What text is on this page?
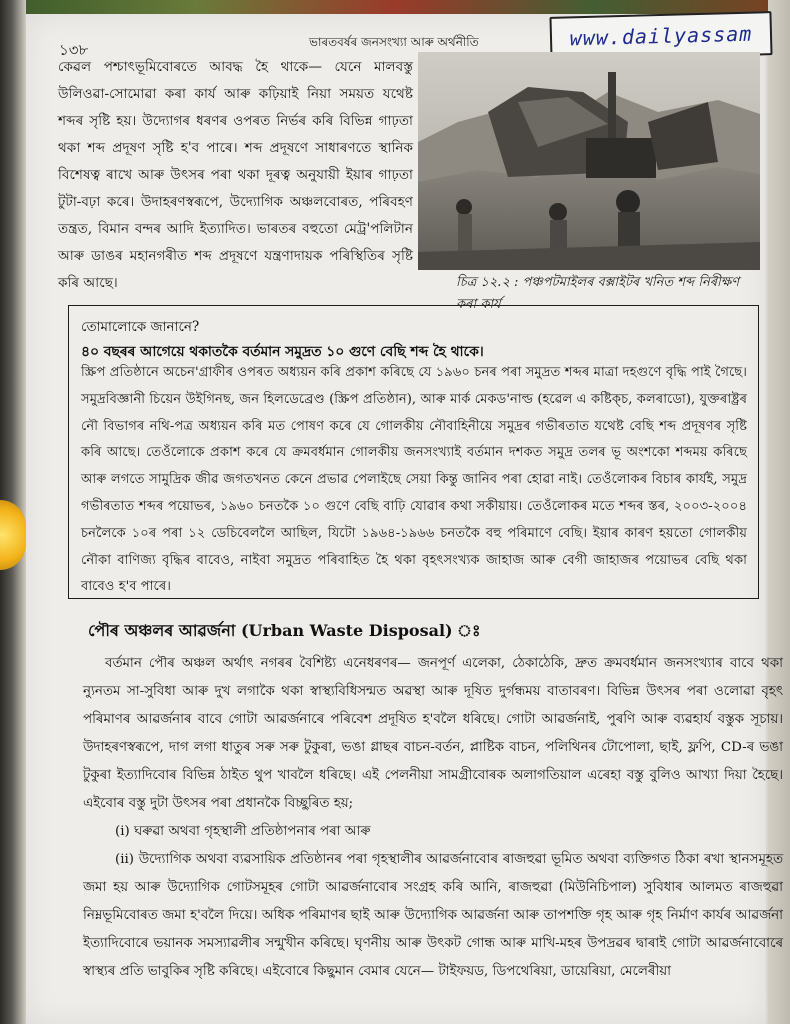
১৩৮	ভাৰতবৰ্ষৰ জনসংখ্যা আৰু অৰ্থনীতি	www.dailyassam

কেৱল পশ্চাৎভূমিবোৰতে আবদ্ধ হৈ থাকে— যেনে মালবস্তু উলিওৱা-সোমোৱা কৰা কাৰ্য আৰু কঢ়িয়াই নিয়া সময়ত যথেষ্ট শব্দৰ সৃষ্টি হয়। উদ্যোগৰ ধৰণৰ ওপৰত নিৰ্ভৰ কৰি বিভিন্ন গাঢ়তা থকা শব্দ প্ৰদূষণ সৃষ্টি হ'ব পাৰে। শব্দ প্ৰদূষণে সাধাৰণতে স্থানিক বিশেষত্ব ৰাখে আৰু উৎসৰ পৰা থকা দূৰত্ব অনুযায়ী ইয়াৰ গাঢ়তা টুটা-বঢ়া কৰে। উদাহৰণস্বৰূপে, উদ্যোগিক অঞ্চলবোৰত, পৰিবহণ তন্ত্ৰত, বিমান বন্দৰ আদি ইত্যাদিত। ভাৰতৰ বহুতো মেট্ৰ'পলিটান আৰু ডাঙৰ মহানগৰীত শব্দ প্ৰদূষণে যন্ত্ৰণাদায়ক পৰিস্থিতিৰ সৃষ্টি কৰি আছে।	চিত্ৰ ১২.২ : পঞ্চপটমাইলৰ বক্সাইটৰ খনিত শব্দ নিৰীক্ষণ কৰা কাৰ্য
তোমালোকে জানানে?
৪০ বছৰৰ আগেয়ে থকাতকৈ বৰ্তমান সমুদ্ৰত ১০ গুণে বেছি শব্দ হৈ থাকে।

স্ক্ৰিপ প্ৰতিষ্ঠানে অচেন'গ্ৰাফীৰ ওপৰত অধ্যয়ন কৰি প্ৰকাশ কৰিছে যে ১৯৬০ চনৰ পৰা সমুদ্ৰত শব্দৰ মাত্ৰা দহগুণে বৃদ্ধি পাই গৈছে। সমুদ্ৰবিজ্ঞানী চিয়েন উইগিনছ, জন হিলডেব্ৰেণ্ড (স্ক্ৰিপ প্ৰতিষ্ঠান), আৰু মাৰ্ক মেকড'নাল্ড (হৱেল এ কষ্টিক্চ, কলৰাডো), যুক্তৰাষ্ট্ৰৰ নৌ বিভাগৰ নথি-পত্ৰ অধ্যয়ন কৰি মত পোষণ কৰে যে গোলকীয় নৌবাহিনীয়ে সমুদ্ৰৰ গভীৰতাত যথেষ্ট বেছি শব্দ প্ৰদূষণৰ সৃষ্টি কৰি আছে। তেওঁলোকে প্ৰকাশ কৰে যে ক্ৰমবৰ্ধমান গোলকীয় জনসংখ্যাই বৰ্তমান দশকত সমুদ্ৰ তলৰ ভূ অংশকো শব্দময় কৰিছে আৰু লগতে সামুদ্ৰিক জীৱ জগতখনত কেনে প্ৰভাৱ পেলাইছে সেয়া কিন্তু জানিব পৰা হোৱা নাই। তেওঁলোকৰ বিচাৰ কাৰ্যই, সমুদ্ৰ গভীৰতাত শব্দৰ পয়োভৰ, ১৯৬০ চনতকৈ ১০ গুণে বেছি বাঢ়ি যোৱাৰ কথা সকীয়ায়। তেওঁলোকৰ মতে শব্দৰ স্তৰ, ২০০৩-২০০৪ চনলৈকে ১০ৰ পৰা ১২ ডেচিবেললৈ আছিল, যিটো ১৯৬৪-১৯৬৬ চনতকৈ বহু পৰিমাণে বেছি। ইয়াৰ কাৰণ হয়তো গোলকীয় নৌকা বাণিজ্য বৃদ্ধিৰ বাবেও, নাইবা সমুদ্ৰত পৰিবাহিত হৈ থকা বৃহৎসংখ্যক জাহাজ আৰু বেগী জাহাজৰ পয়োভৰ বেছি থকা বাবেও হ'ব পাৰে।

পৌৰ অঞ্চলৰ আৱৰ্জনা (Urban Waste Disposal) ঃ

বৰ্তমান পৌৰ অঞ্চল অৰ্থাৎ নগৰৰ বৈশিষ্ট্য এনেধৰণৰ— জনপূৰ্ণ এলেকা, ঠেকাঠেকি, দ্ৰুত ক্ৰমবৰ্ধমান জনসংখ্যাৰ বাবে থকা ন্যুনতম সা-সুবিধা আৰু দুখ লগাকৈ থকা স্বাস্থ্যবিধিসন্মত অৱস্থা আৰু দূষিত দুৰ্গন্ধময় বাতাবৰণ। বিভিন্ন উৎসৰ পৰা ওলোৱা বৃহৎ পৰিমাণৰ আৱৰ্জনাৰ বাবে গোটা আৱৰ্জনাৰে পৰিবেশ প্ৰদূষিত হ'বলৈ ধৰিছে। গোটা আৱৰ্জনাই, পুৰণি আৰু ব্যৱহাৰ্য বস্তুক সূচায়। উদাহৰণস্বৰূপে, দাগ লগা ধাতুৰ সৰু সৰু টুকুৰা, ভঙা গ্লাছৰ বাচন-বৰ্তন, প্লাষ্টিক বাচন, পলিথিনৰ টোপোলা, ছাই, ফ্লপি, CD-ৰ ভঙা টুকুৰা ইত্যাদিবোৰ বিভিন্ন ঠাইত থুপ খাবলৈ ধৰিছে। এই পেলনীয়া সামগ্ৰীবোৰক অলাগতিয়াল এৰেহা বস্তু বুলিও আখ্যা দিয়া হৈছে। এইবোৰ বস্তু দুটা উৎসৰ পৰা প্ৰধানকৈ বিচ্ছুৰিত হয়;

(i) ঘৰুৱা অথবা গৃহস্থালী প্ৰতিষ্ঠাপনাৰ পৰা আৰু
(ii) উদ্যোগিক অথবা ব্যৱসায়িক প্ৰতিষ্ঠানৰ পৰা গৃহস্থালীৰ আৱৰ্জনাবোৰ ৰাজহুৱা ভূমিত অথবা ব্যক্তিগত ঠিকা ৰখা স্থানসমূহত জমা হয় আৰু উদ্যোগিক গোটসমূহৰ গোটা আৱৰ্জনাবোৰ সংগ্ৰহ কৰি আনি, ৰাজহুৱা (মিউনিচিপাল) সুবিধাৰ আলমত ৰাজহুৱা নিম্নভূমিবোৰত জমা হ'বলৈ দিয়ে। অধিক পৰিমাণৰ ছাই আৰু উদ্যোগিক আৱৰ্জনা আৰু তাপশক্তি গৃহ আৰু গৃহ নিৰ্মাণ কাৰ্যৰ আৱৰ্জনা ইত্যাদিবোৰে ভয়ানক সমস্যাৱলীৰ সন্মুখীন কৰিছে। ঘৃণনীয় আৰু উৎকট গোন্ধ আৰু মাখি-মহৰ উপদ্ৰৱৰ দ্বাৰাই গোটা আৱৰ্জনাবোৰে স্বাস্থ্যৰ প্ৰতি ভাবুকিৰ সৃষ্টি কৰিছে। এইবোৰে কিছুমান বেমাৰ যেনে— টাইফয়ড, ডিপথেৰিয়া, ডায়েৰিয়া, মেলেৰীয়া
